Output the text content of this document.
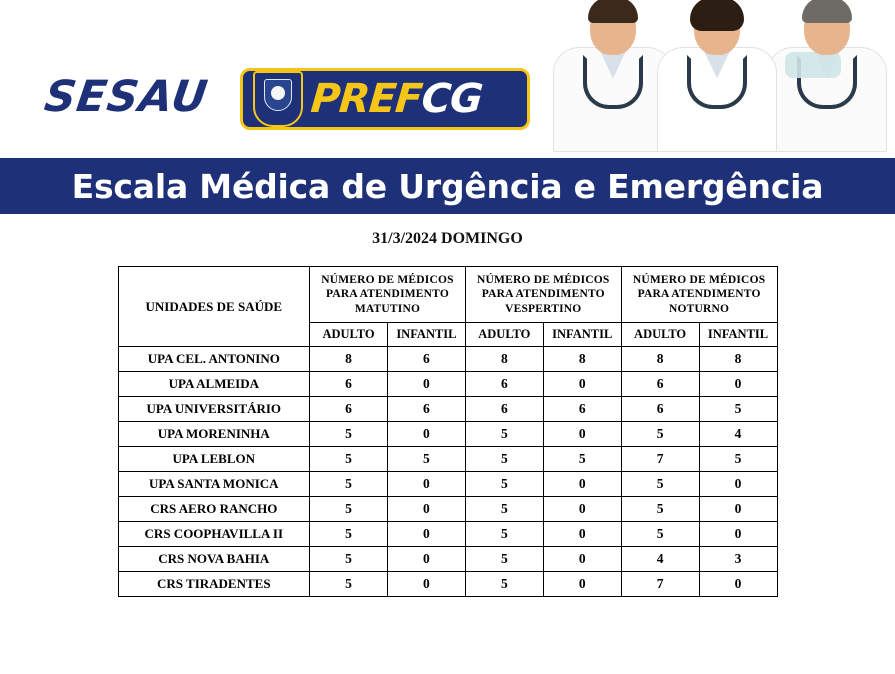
SESAU PREFCG
Escala Médica de Urgência e Emergência
31/3/2024 DOMINGO
UNIDADES DE SAÚDE	NÚMERO DE MÉDICOS PARA ATENDIMENTO MATUTINO		NÚMERO DE MÉDICOS PARA ATENDIMENTO VESPERTINO		NÚMERO DE MÉDICOS PARA ATENDIMENTO NOTURNO	
	ADULTO	INFANTIL	ADULTO	INFANTIL	ADULTO	INFANTIL
UPA CEL. ANTONINO	8	6	8	8	8	8
UPA ALMEIDA	6	0	6	0	6	0
UPA UNIVERSITÁRIO	6	6	6	6	6	5
UPA MORENINHA	5	0	5	0	5	4
UPA LEBLON	5	5	5	5	7	5
UPA SANTA MONICA	5	0	5	0	5	0
CRS AERO RANCHO	5	0	5	0	5	0
CRS COOPHAVILLA II	5	0	5	0	5	0
CRS NOVA BAHIA	5	0	5	0	4	3
CRS TIRADENTES	5	0	5	0	7	0
